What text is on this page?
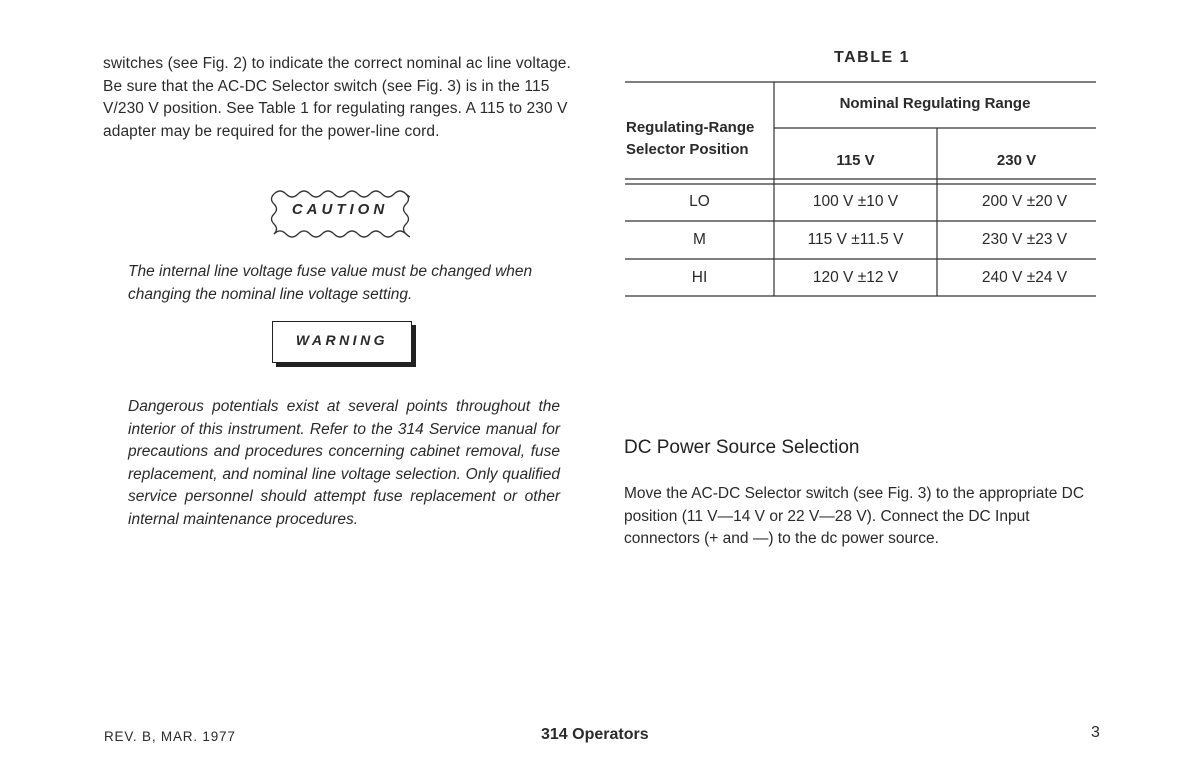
switches (see Fig. 2) to indicate the correct nominal ac line voltage. Be sure that the AC-DC Selector switch (see Fig. 3) is in the 115 V/230 V position. See Table 1 for regulating ranges. A 115 to 230 V adapter may be required for the power-line cord.

CAUTION

The internal line voltage fuse value must be changed when changing the nominal line voltage setting.

WARNING

Dangerous potentials exist at several points throughout the interior of this instrument. Refer to the 314 Service manual for precautions and procedures concerning cabinet removal, fuse replacement, and nominal line voltage selection. Only qualified service personnel should attempt fuse replacement or other internal maintenance procedures.

TABLE 1
Regulating-Range Selector Position
Nominal Regulating Range
115 V	230 V
LO	100 V ±10 V	200 V ±20 V
M	115 V ±11.5 V	230 V ±23 V
HI	120 V ±12 V	240 V ±24 V
DC Power Source Selection

Move the AC-DC Selector switch (see Fig. 3) to the appropriate DC position (11 V—14 V or 22 V—28 V). Connect the DC Input connectors (+ and —) to the dc power source.

REV. B, MAR. 1977	314 Operators	3
